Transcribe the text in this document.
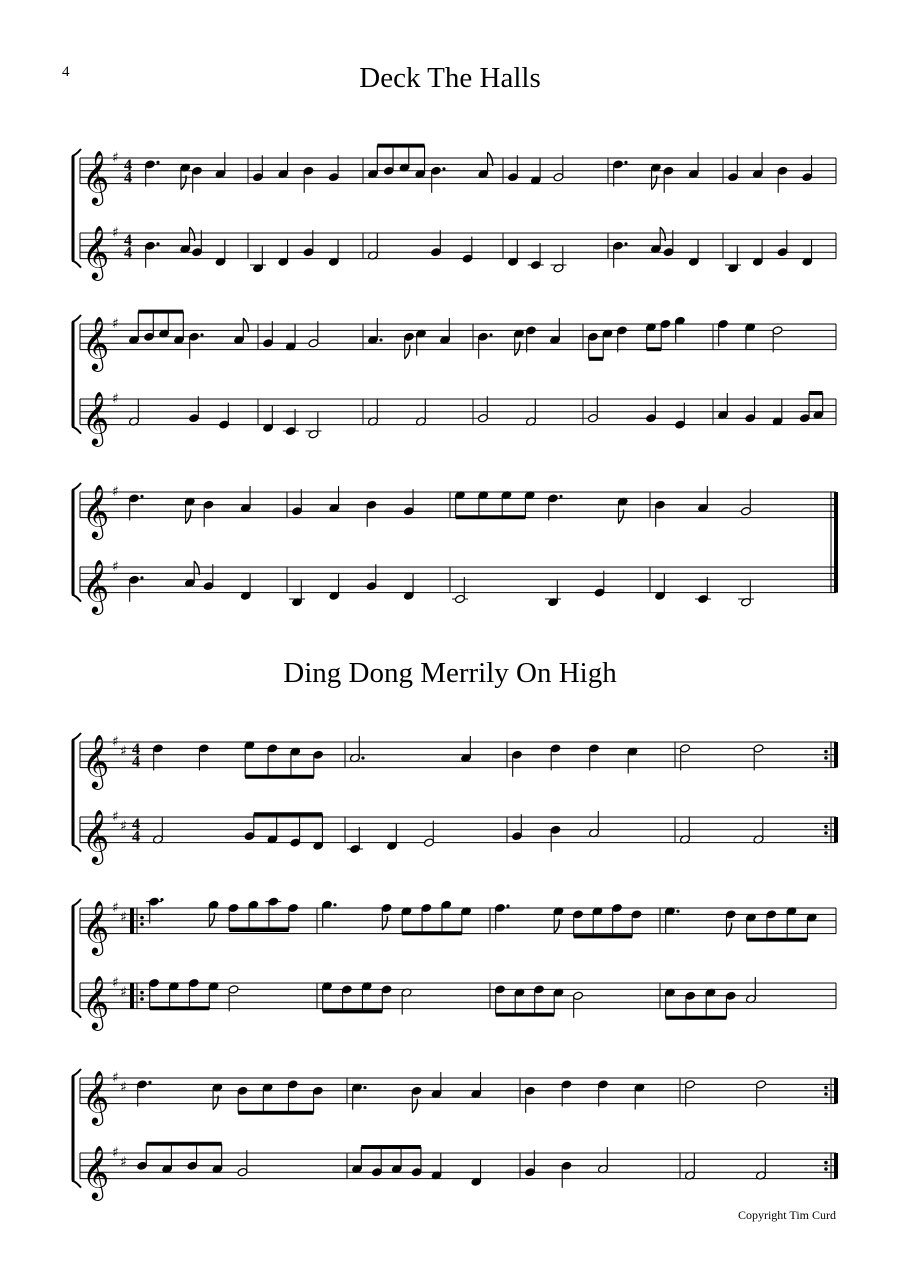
4	Deck The Halls
Ding Dong Merrily On High
𝄞
𝄞
♯
♯
4
4
4
4
𝄞
𝄞
♯
♯
𝄞
𝄞
♯
♯
𝄞
𝄞
♯
♯
♯
♯
4
4
4
4
𝄞
𝄞
♯
♯
♯
♯
𝄞
𝄞
♯
♯
♯
♯
Copyright Tim Curd
